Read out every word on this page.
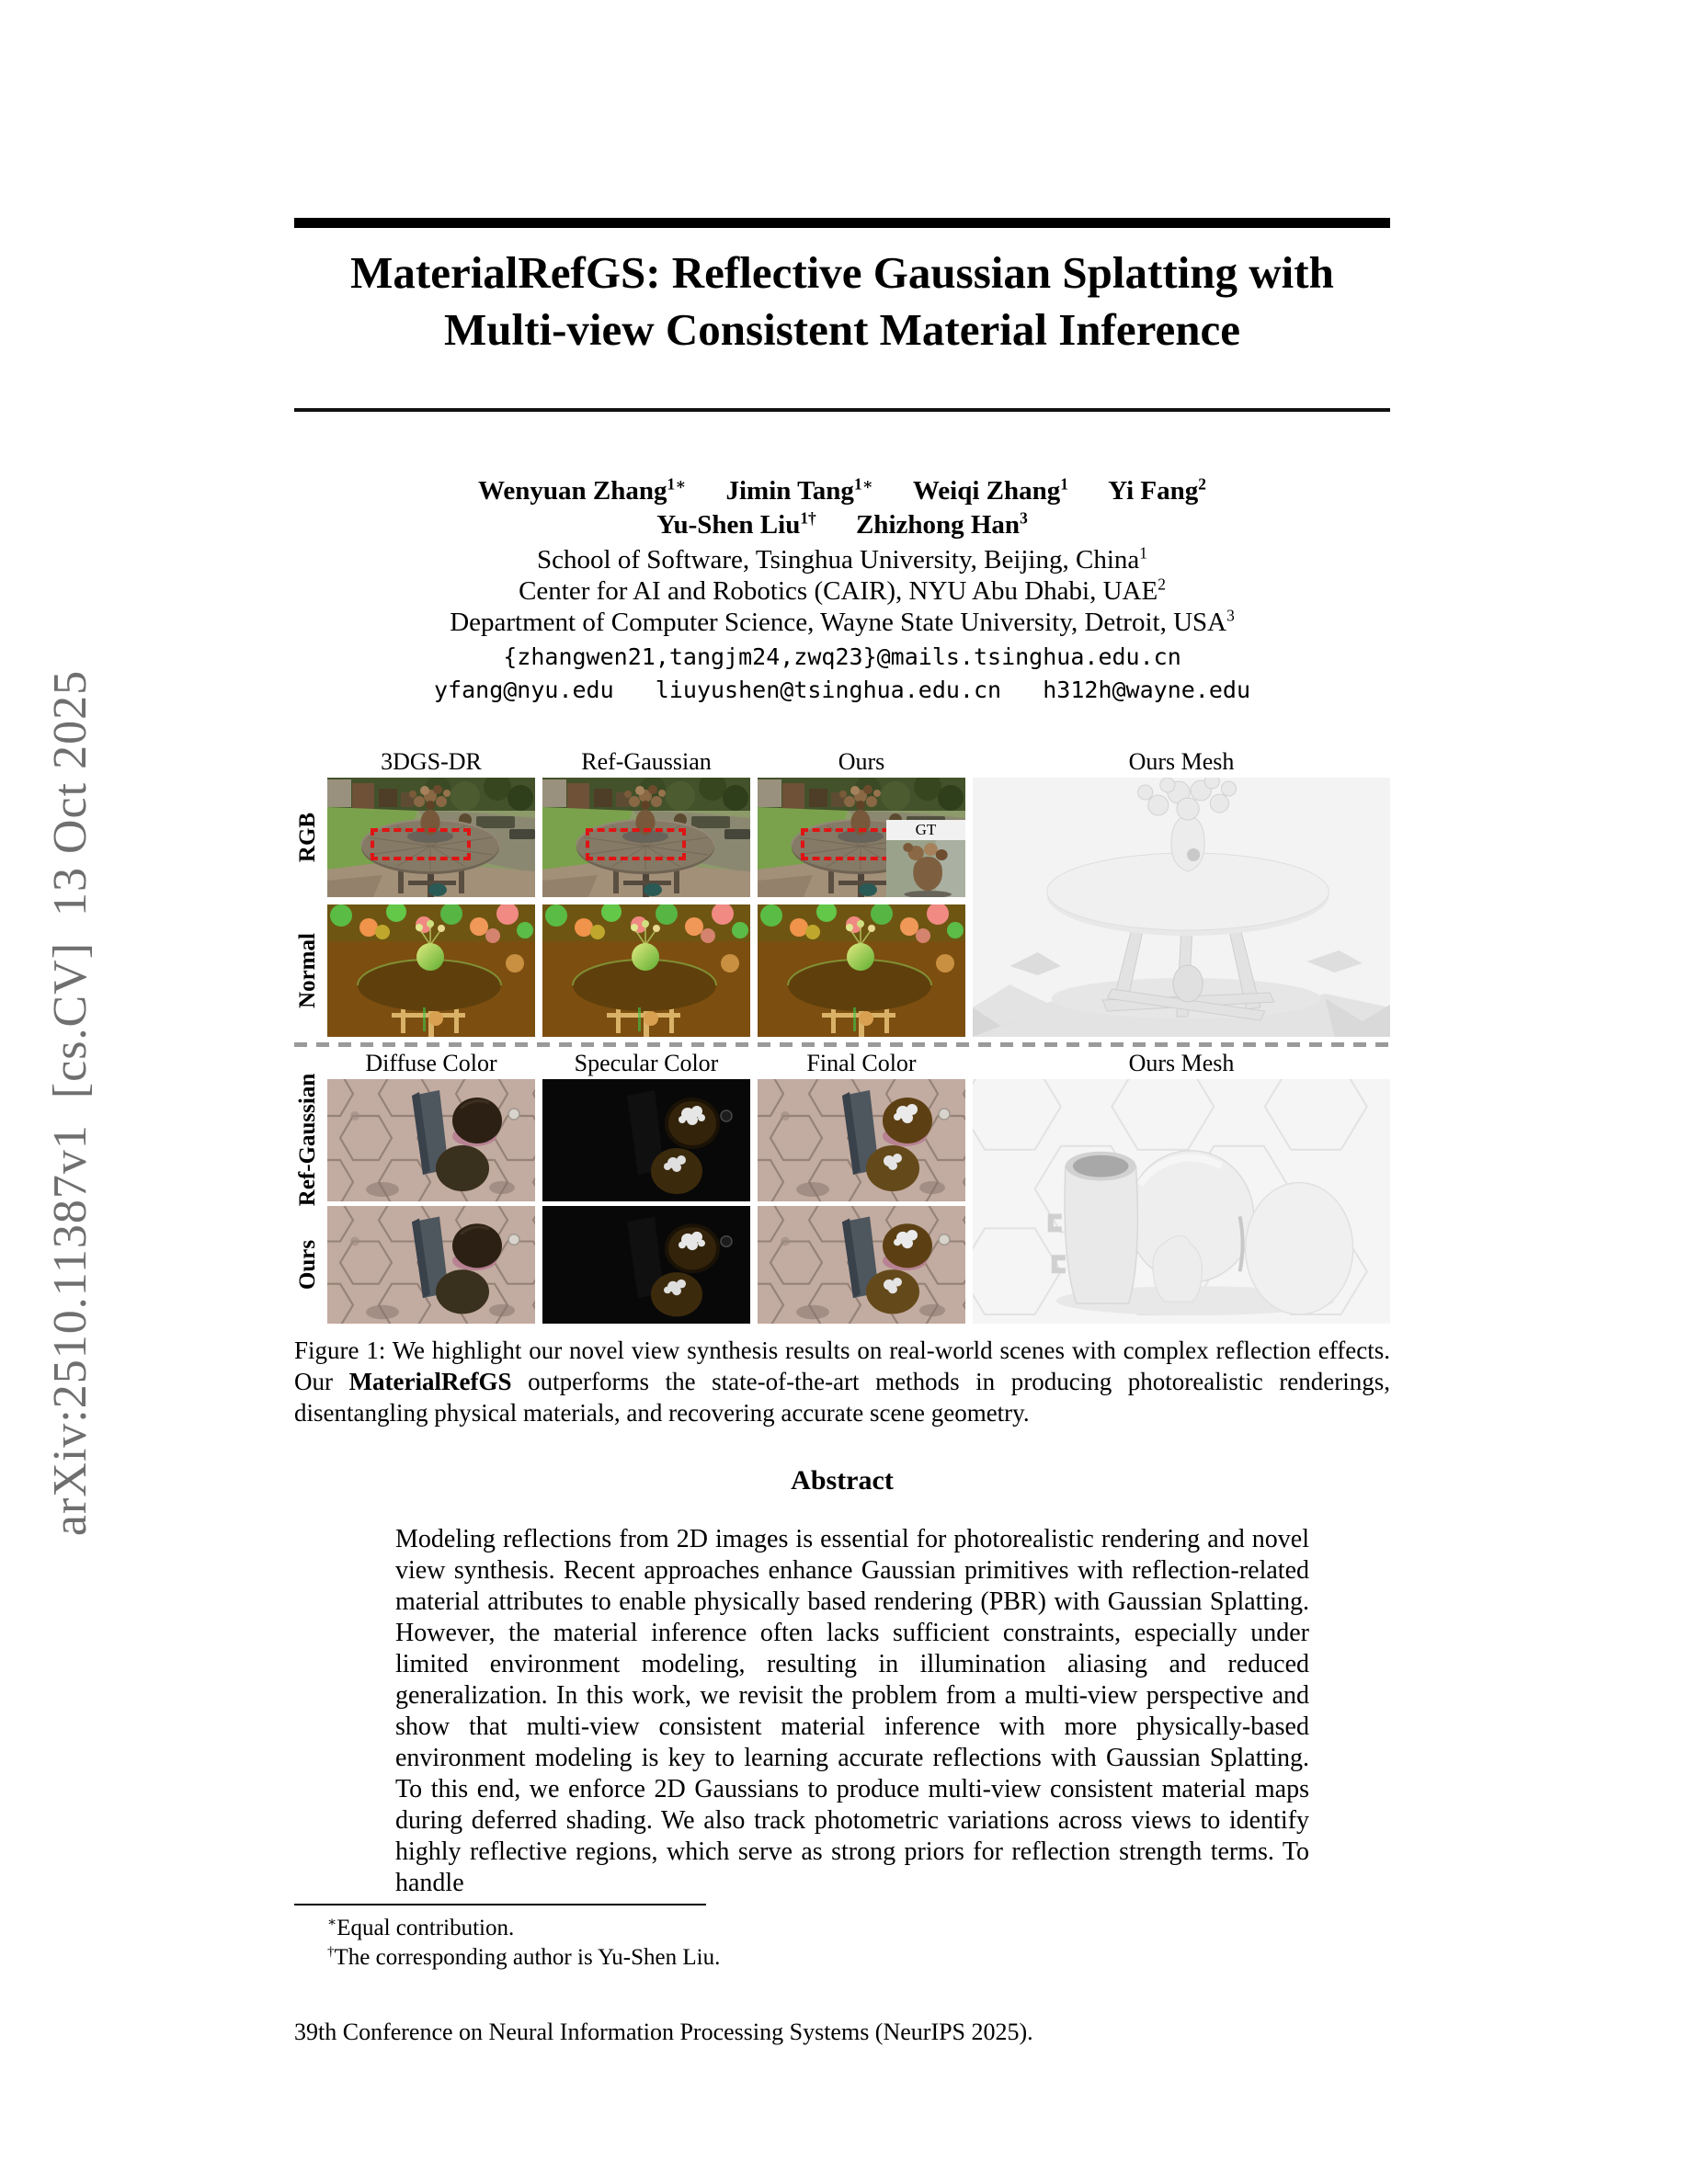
arXiv:2510.11387v1  [cs.CV]  13 Oct 2025
MaterialRefGS: Reflective Gaussian Splatting with
Multi-view Consistent Material Inference
Wenyuan Zhang$^{1∗}$ Jimin Tang$^{1∗}$ Weiqi Zhang$^1$ Yi Fang$^2$
Yu-Shen Liu$^{1\dagger}$ Zhizhong Han$^3$
School of Software, Tsinghua University, Beijing, China$^1$
Center for AI and Robotics (CAIR), NYU Abu Dhabi, UAE$^2$
Department of Computer Science, Wayne State University, Detroit, USA$^3$
{zhangwen21,tangjm24,zwq23}@mails.tsinghua.edu.cn
yfang@nyu.edu   liuyushen@tsinghua.edu.cn   h312h@wayne.edu
3DGS-DR	Ref-Gaussian	Ours	Ours Mesh
RGB
Normal
Ref-Gaussian
Ours
GT
Diffuse Color	Specular Color	Final Color	Ours Mesh

Figure 1: We highlight our novel view synthesis results on real-world scenes with complex reflection effects. Our MaterialRefGS outperforms the state-of-the-art methods in producing photorealistic renderings, disentangling physical materials, and recovering accurate scene geometry.

Abstract

Modeling reflections from 2D images is essential for photorealistic rendering and novel view synthesis. Recent approaches enhance Gaussian primitives with reflection-related material attributes to enable physically based rendering (PBR) with Gaussian Splatting. However, the material inference often lacks sufficient constraints, especially under limited environment modeling, resulting in illumination aliasing and reduced generalization. In this work, we revisit the problem from a multi-view perspective and show that multi-view consistent material inference with more physically-based environment modeling is key to learning accurate reflections with Gaussian Splatting. To this end, we enforce 2D Gaussians to produce multi-view consistent material maps during deferred shading. We also track photometric variations across views to identify highly reflective regions, which serve as strong priors for reflection strength terms. To handle

∗Equal contribution.
†The corresponding author is Yu-Shen Liu.
39th Conference on Neural Information Processing Systems (NeurIPS 2025).
